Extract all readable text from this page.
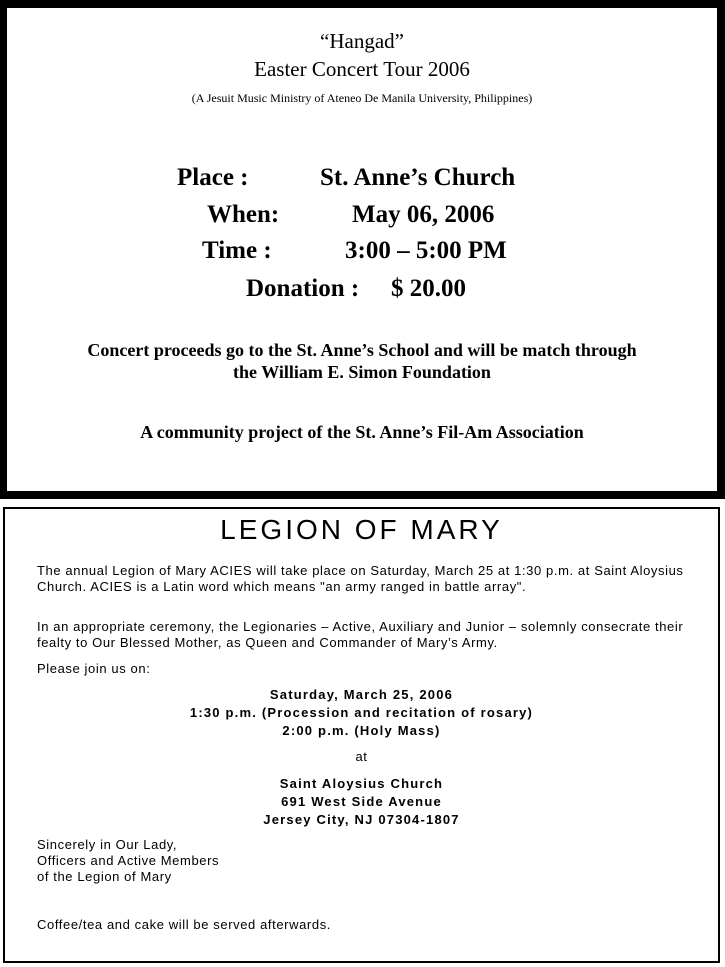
“Hangad”
Easter Concert Tour 2006
(A Jesuit Music Ministry of Ateneo De Manila University, Philippines)
Place :	St. Anne’s Church
When:	May 06, 2006
Time :	3:00 – 5:00 PM
Donation : $ 20.00
Concert proceeds go to the St. Anne’s School and will be match through
the William E. Simon Foundation
A community project of the St. Anne’s Fil-Am Association
LEGION OF MARY
The annual Legion of Mary ACIES will take place on Saturday, March 25 at 1:30 p.m. at Saint Aloysius Church. ACIES is a Latin word which means "an army ranged in battle array".
In an appropriate ceremony, the Legionaries – Active, Auxiliary and Junior – solemnly consecrate their fealty to Our Blessed Mother, as Queen and Commander of Mary’s Army.
Please join us on:
Saturday, March 25, 2006
1:30 p.m. (Procession and recitation of rosary)
2:00 p.m. (Holy Mass)
at
Saint Aloysius Church
691 West Side Avenue
Jersey City, NJ 07304-1807
Sincerely in Our Lady,
Officers and Active Members
of the Legion of Mary
Coffee/tea and cake will be served afterwards.
